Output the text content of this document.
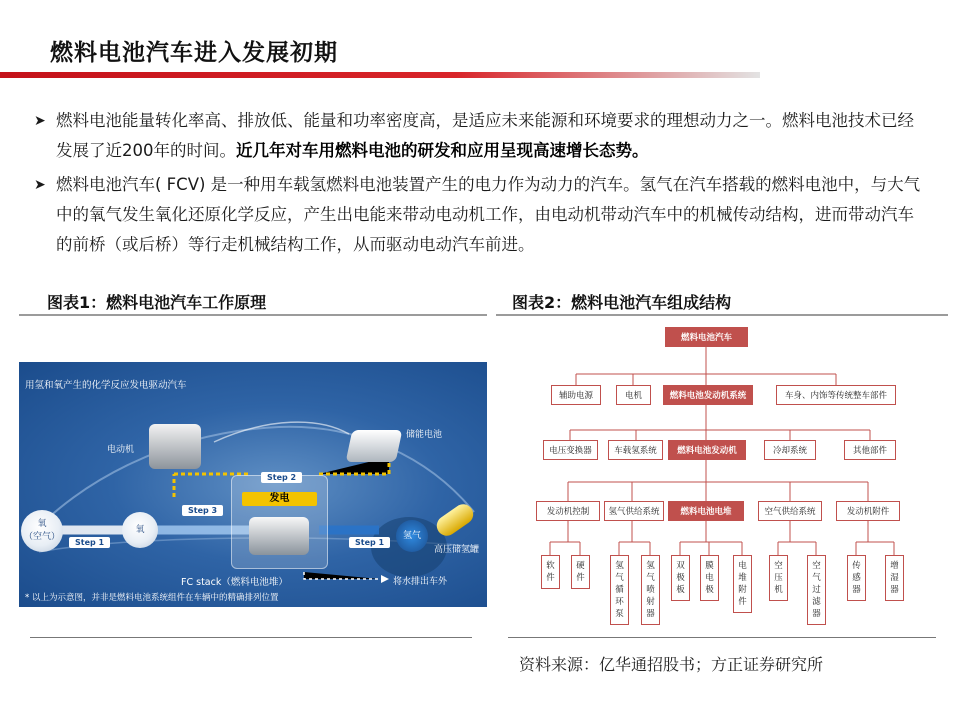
燃料电池汽车进入发展初期
➤ 燃料电池能量转化率高、排放低、能量和功率密度高，是适应未来能源和环境要求的理想动力之一。燃料电池技术已经发展了近200年的时间。近几年对车用燃料电池的研发和应用呈现高速增长态势。
➤ 燃料电池汽车( FCV) 是一种用车载氢燃料电池装置产生的电力作为动力的汽车。氢气在汽车搭载的燃料电池中，与大气中的氧气发生氧化还原化学反应，产生出电能来带动电动机工作，由电动机带动汽车中的机械传动结构，进而带动汽车的前桥（或后桥）等行走机械结构工作，从而驱动电动汽车前进。
图表1：燃料电池汽车工作原理
用氢和氧产生的化学反应发电驱动汽车
电动机
储能电池
氧
（空气）
氧
氢气
高压储氢罐
发电
Step 1	Step 1
Step 2
Step 3
FC stack（燃料电池堆）	将水排出车外
* 以上为示意图，并非是燃料电池系统组件在车辆中的精确排列位置
图表2：燃料电池汽车组成结构
燃料电池汽车
辅助电源	电机	燃料电池发动机系统	车身、内饰等传统整车部件
电压变换器	车载氢系统	燃料电池发动机	冷却系统	其他部件
发动机控制	氢气供给系统	燃料电池电堆	空气供给系统	发动机附件
软
件
硬
件
氢
气
循
环
泵
氢
气
喷
射
器
双
极
板
膜
电
极
电
堆
附
件
空
压
机
空
气
过
滤
器
传
感
器
增
湿
器
资料来源：亿华通招股书；方正证券研究所
